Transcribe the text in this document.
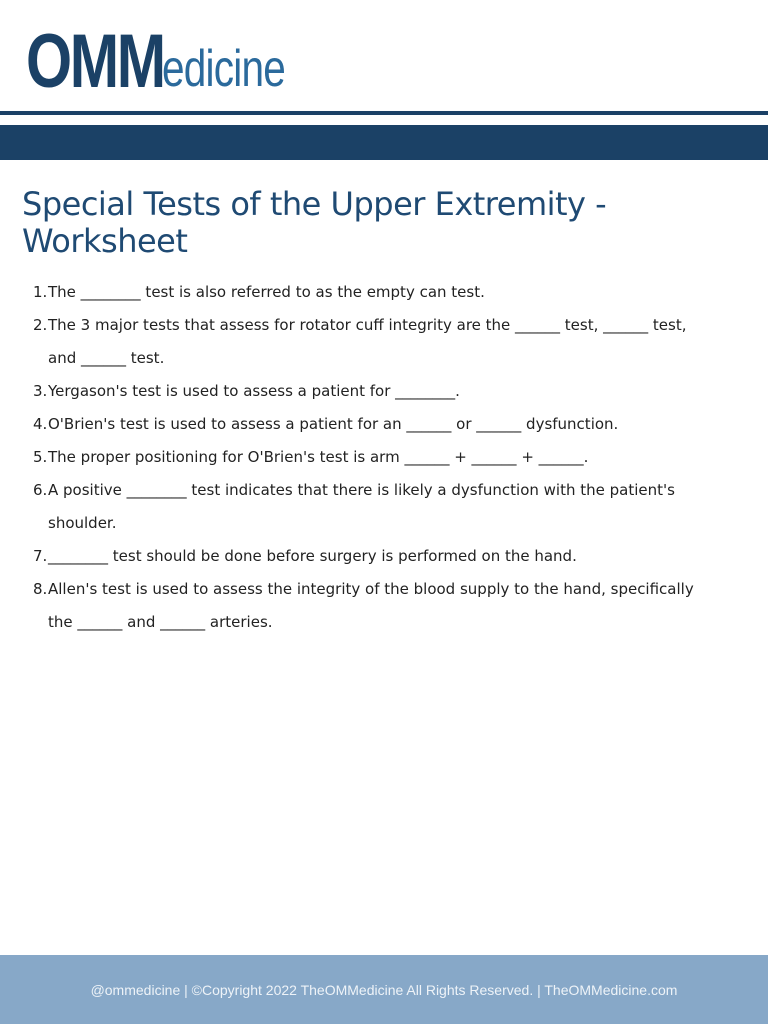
OMM
edicine
Special Tests of the Upper Extremity - Worksheet
1. The ________ test is also referred to as the empty can test.
2. The 3 major tests that assess for rotator cuff integrity are the ______ test, ______ test, and ______ test.
3. Yergason's test is used to assess a patient for ________.
4. O'Brien's test is used to assess a patient for an ______ or ______ dysfunction.
5. The proper positioning for O'Brien's test is arm ______ + ______ + ______.
6. A positive ________ test indicates that there is likely a dysfunction with the patient's shoulder.
7. ________ test should be done before surgery is performed on the hand.
8. Allen's test is used to assess the integrity of the blood supply to the hand, specifically the ______ and ______ arteries.
@ommedicine | ©Copyright 2022 TheOMMedicine All Rights Reserved. | TheOMMedicine.com
